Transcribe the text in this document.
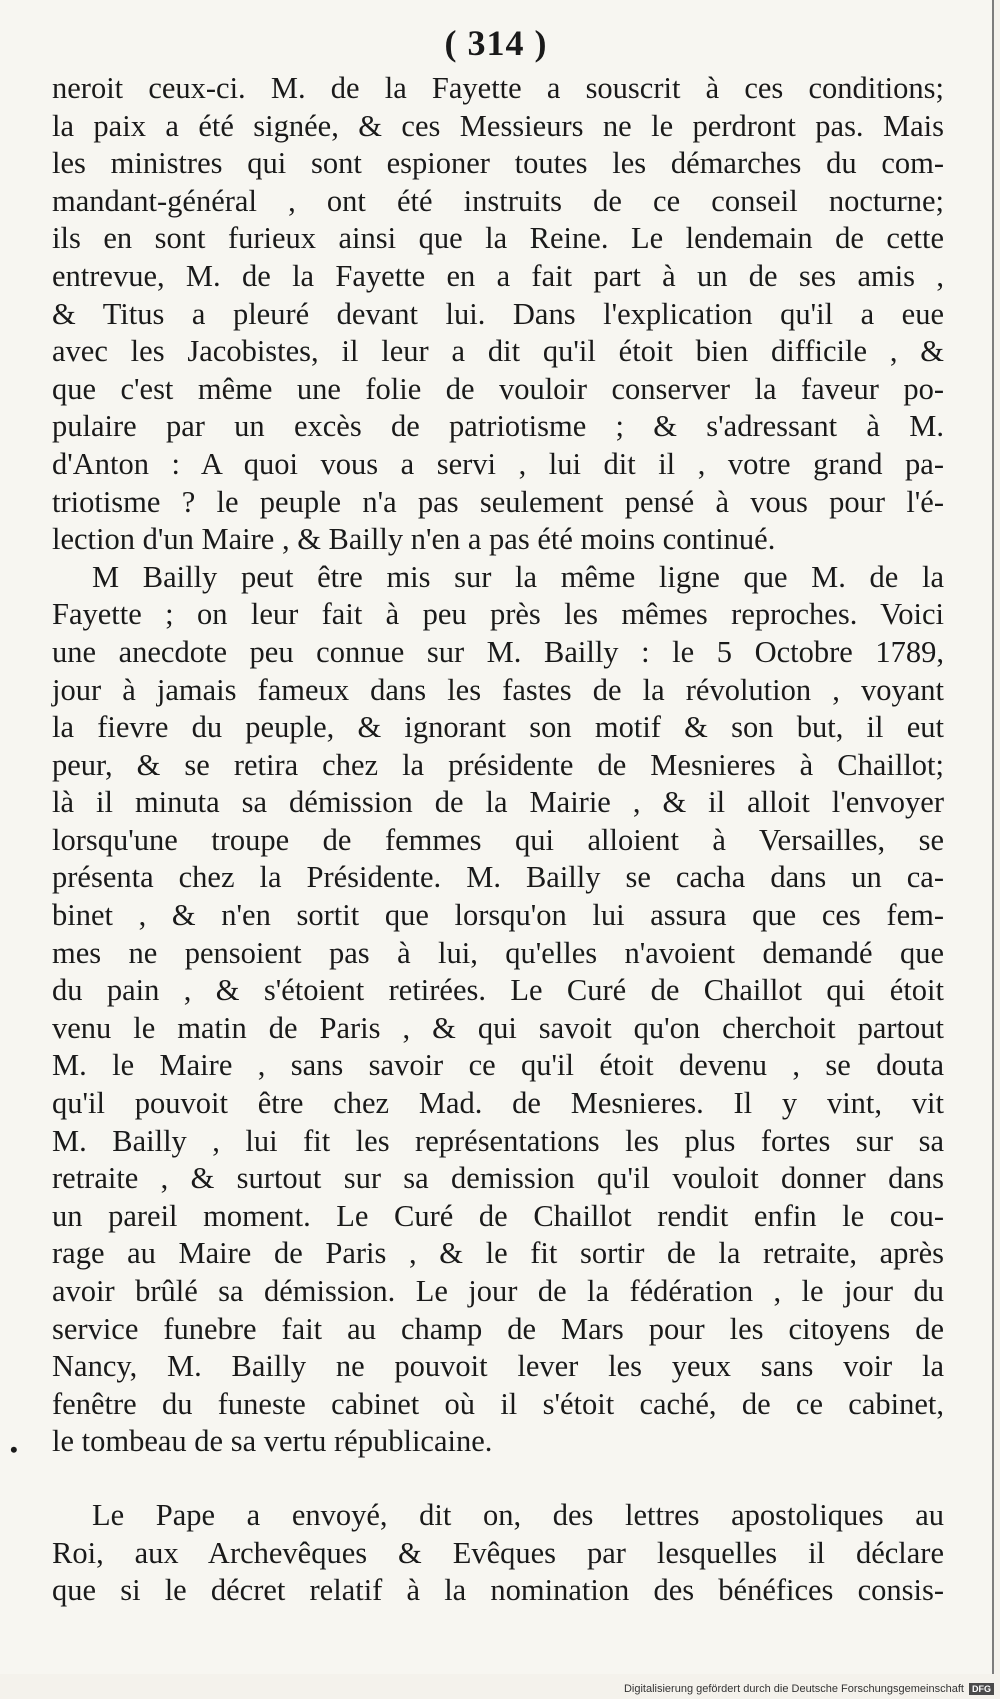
( 314 )
neroit ceux-ci. M. de la Fayette a souscrit à ces conditions;
la paix a été signée, & ces Messieurs ne le perdront pas. Mais
les ministres qui sont espioner toutes les démarches du com-
mandant-général , ont été instruits de ce conseil nocturne;
ils en sont furieux ainsi que la Reine. Le lendemain de cette
entrevue, M. de la Fayette en a fait part à un de ses amis ,
& Titus a pleuré devant lui. Dans l'explication qu'il a eue
avec les Jacobistes, il leur a dit qu'il étoit bien difficile , &
que c'est même une folie de vouloir conserver la faveur po-
pulaire par un excès de patriotisme ; & s'adressant à M.
d'Anton : A quoi vous a servi , lui dit il , votre grand pa-
triotisme ? le peuple n'a pas seulement pensé à vous pour l'é-
lection d'un Maire , & Bailly n'en a pas été moins continué.
M Bailly peut être mis sur la même ligne que M. de la
Fayette ; on leur fait à peu près les mêmes reproches. Voici
une anecdote peu connue sur M. Bailly : le 5 Octobre 1789,
jour à jamais fameux dans les fastes de la révolution , voyant
la fievre du peuple, & ignorant son motif & son but, il eut
peur, & se retira chez la présidente de Mesnieres à Chaillot;
là il minuta sa démission de la Mairie , & il alloit l'envoyer
lorsqu'une troupe de femmes qui alloient à Versailles, se
présenta chez la Présidente. M. Bailly se cacha dans un ca-
binet , & n'en sortit que lorsqu'on lui assura que ces fem-
mes ne pensoient pas à lui, qu'elles n'avoient demandé que
du pain , & s'étoient retirées. Le Curé de Chaillot qui étoit
venu le matin de Paris , & qui savoit qu'on cherchoit partout
M. le Maire , sans savoir ce qu'il étoit devenu , se douta
qu'il pouvoit être chez Mad. de Mesnieres. Il y vint, vit
M. Bailly , lui fit les représentations les plus fortes sur sa
retraite , & surtout sur sa demission qu'il vouloit donner dans
un pareil moment. Le Curé de Chaillot rendit enfin le cou-
rage au Maire de Paris , & le fit sortir de la retraite, après
avoir brûlé sa démission. Le jour de la fédération , le jour du
service funebre fait au champ de Mars pour les citoyens de
Nancy, M. Bailly ne pouvoit lever les yeux sans voir la
fenêtre du funeste cabinet où il s'étoit caché, de ce cabinet,
le tombeau de sa vertu républicaine.
Le Pape a envoyé, dit on, des lettres apostoliques au
Roi, aux Archevêques & Evêques par lesquelles il déclare
que si le décret relatif à la nomination des bénéfices consis-
•
Digitalisierung gefördert durch die Deutsche Forschungsgemeinschaft DFG
